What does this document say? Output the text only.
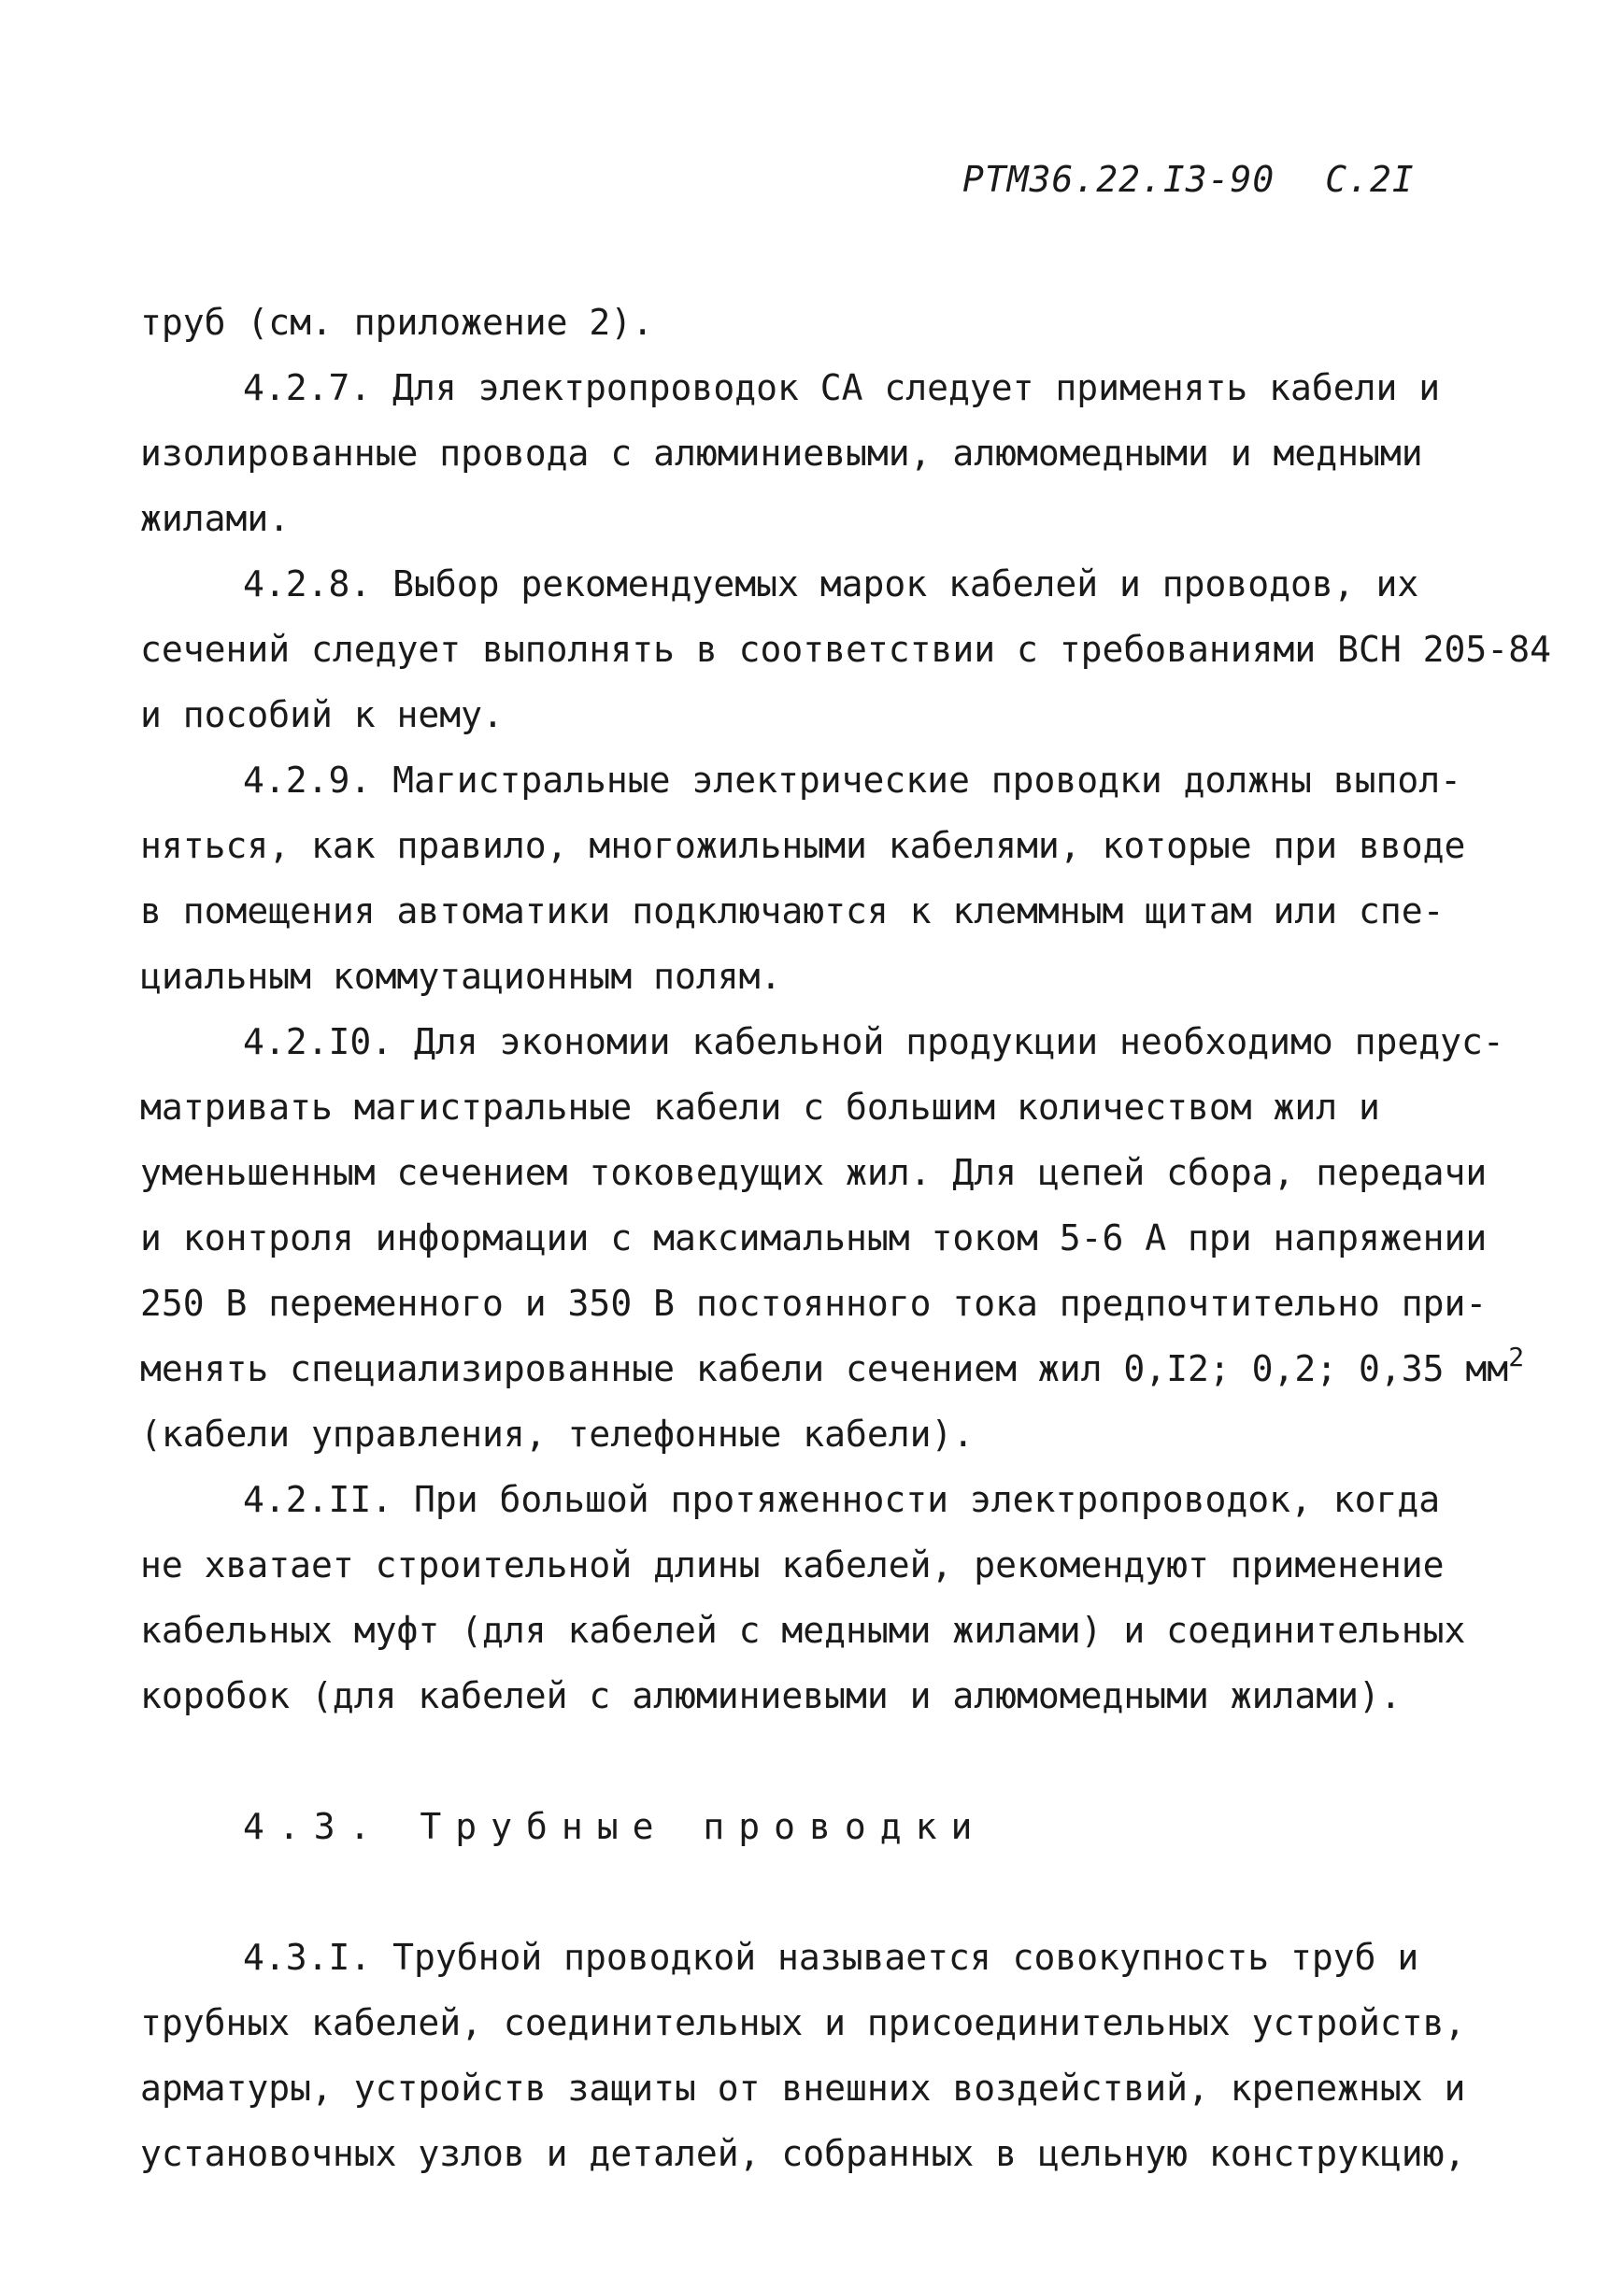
РТМ36.22.I3-90 С.2I
труб (см. приложение 2).
4.2.7. Для электропроводок СА следует применять кабели и
изолированные провода с алюминиевыми, алюмомедными и медными
жилами.
4.2.8. Выбор рекомендуемых марок кабелей и проводов, их
сечений следует выполнять в соответствии с требованиями ВСН 205-84
и пособий к нему.
4.2.9. Магистральные электрические проводки должны выпол-
няться, как правило, многожильными кабелями, которые при вводе
в помещения автоматики подключаются к клеммным щитам или спе-
циальным коммутационным полям.
4.2.I0. Для экономии кабельной продукции необходимо предус-
матривать магистральные кабели с большим количеством жил и
уменьшенным сечением токоведущих жил. Для цепей сбора, передачи
и контроля информации с максимальным током 5-6 А при напряжении
250 В переменного и 350 В постоянного тока предпочтительно при-
менять специализированные кабели сечением жил 0,I2; 0,2; 0,35 $мм^2$
(кабели управления, телефонные кабели).
4.2.II. При большой протяженности электропроводок, когда
не хватает строительной длины кабелей, рекомендуют применение
кабельных муфт (для кабелей с медными жилами) и соединительных
коробок (для кабелей с алюминиевыми и алюмомедными жилами).
4.3. Трубные проводки
4.3.I. Трубной проводкой называется совокупность труб и
трубных кабелей, соединительных и присоединительных устройств,
арматуры, устройств защиты от внешних воздействий, крепежных и
установочных узлов и деталей, собранных в цельную конструкцию,
